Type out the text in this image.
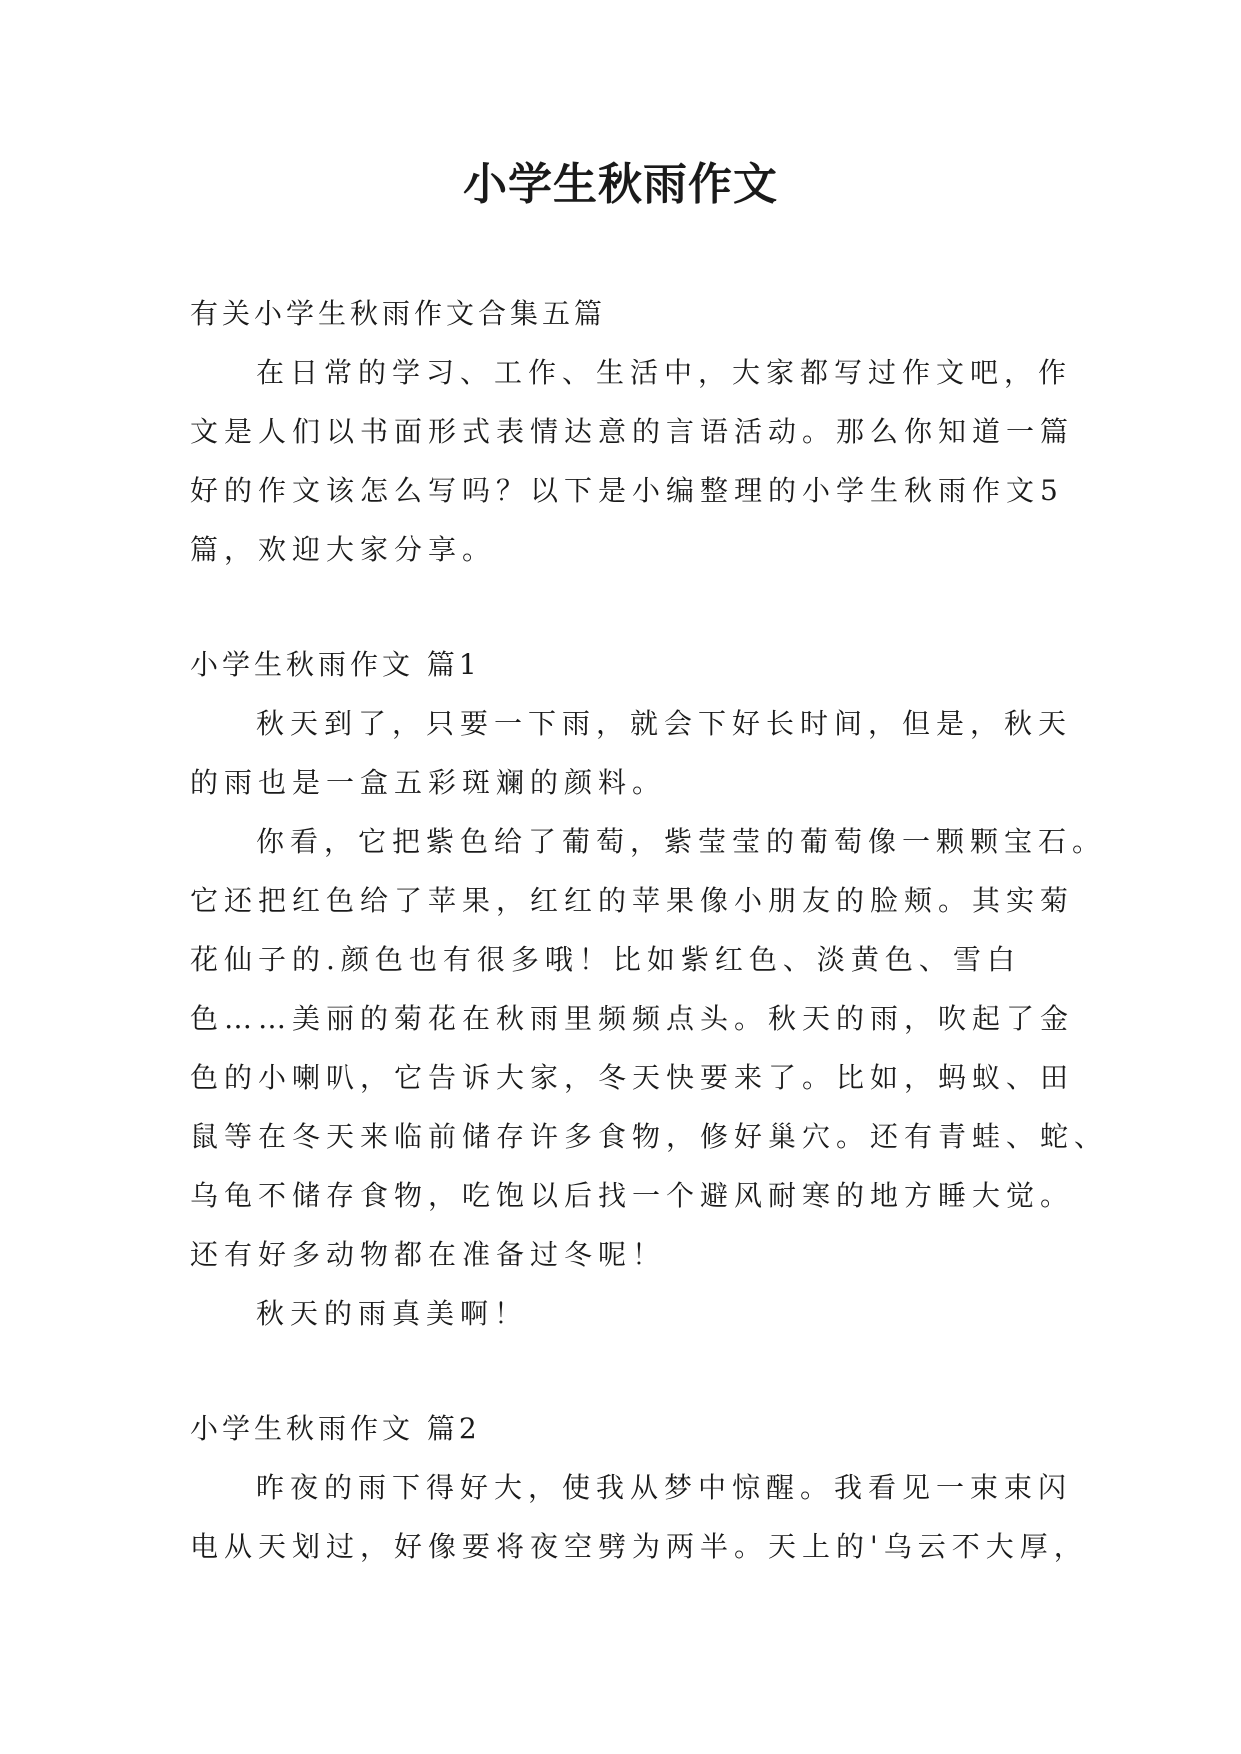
小学生秋雨作文

有关小学生秋雨作文合集五篇

在日常的学习、工作、生活中，大家都写过作文吧，作

文是人们以书面形式表情达意的言语活动。那么你知道一篇

好的作文该怎么写吗？以下是小编整理的小学生秋雨作文5

篇，欢迎大家分享。

小学生秋雨作文 篇1

秋天到了，只要一下雨，就会下好长时间，但是，秋天

的雨也是一盒五彩斑斓的颜料。

你看，它把紫色给了葡萄，紫莹莹的葡萄像一颗颗宝石。

它还把红色给了苹果，红红的苹果像小朋友的脸颊。其实菊

花仙子的.颜色也有很多哦！比如紫红色、淡黄色、雪白

色……美丽的菊花在秋雨里频频点头。秋天的雨，吹起了金

色的小喇叭，它告诉大家，冬天快要来了。比如，蚂蚁、田

鼠等在冬天来临前储存许多食物，修好巢穴。还有青蛙、蛇、

乌龟不储存食物，吃饱以后找一个避风耐寒的地方睡大觉。

还有好多动物都在准备过冬呢！

秋天的雨真美啊！

小学生秋雨作文 篇2

昨夜的雨下得好大，使我从梦中惊醒。我看见一束束闪

电从天划过，好像要将夜空劈为两半。天上的'乌云不大厚，
